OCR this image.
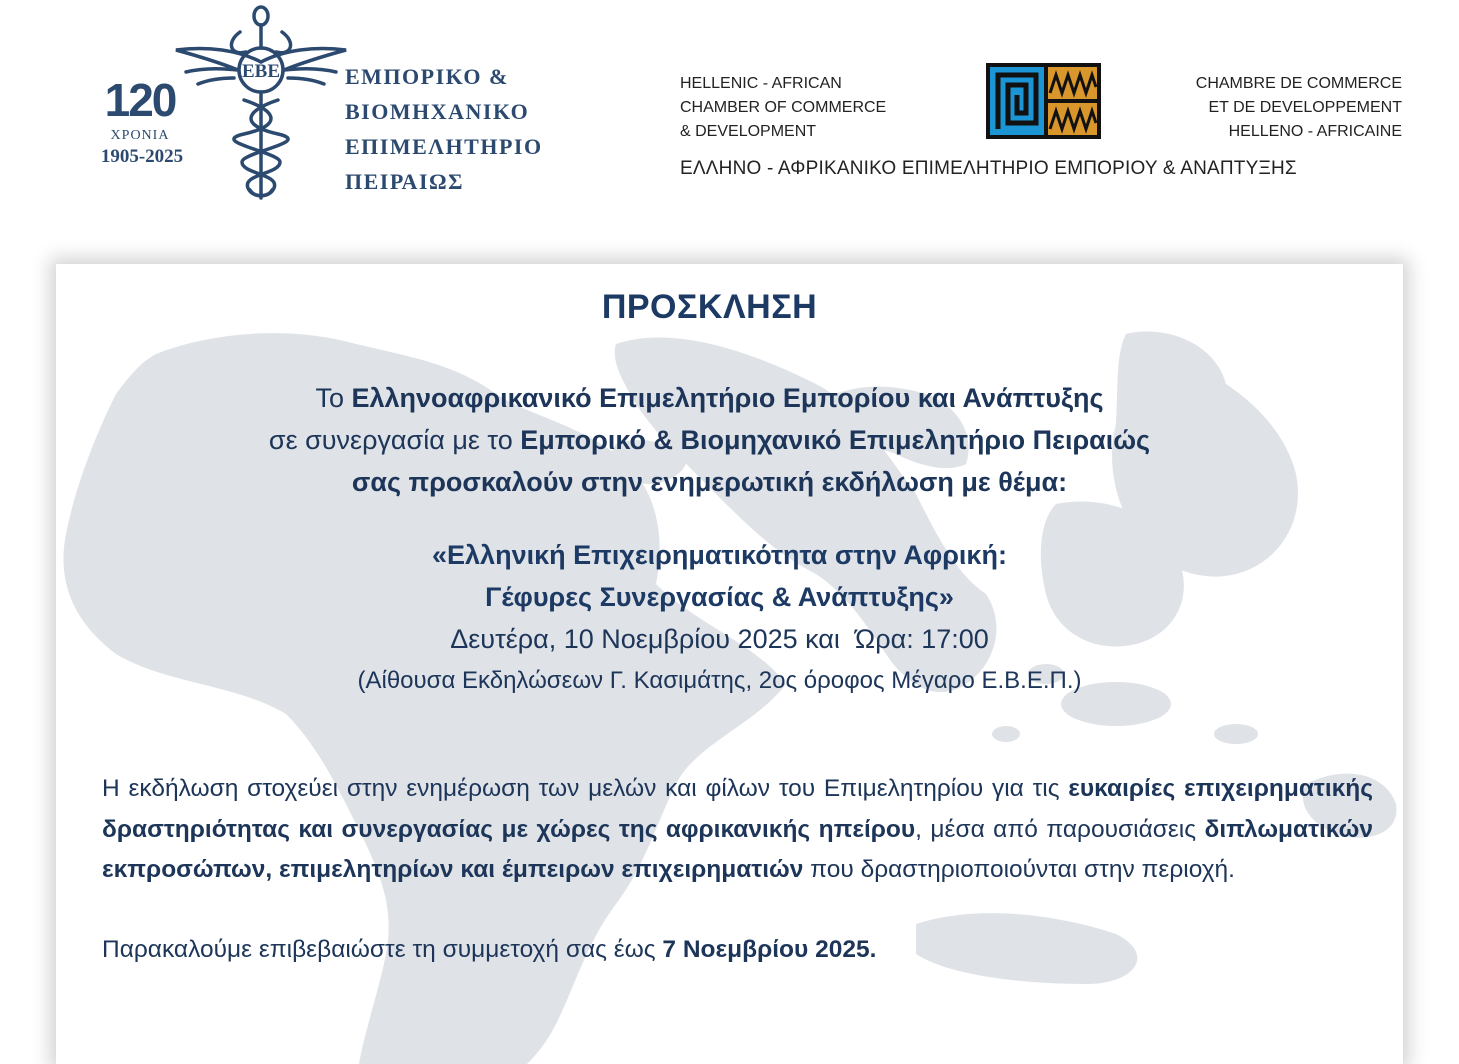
120
ΧΡΟΝΙΑ
1905-2025
ΕΒΕ	ΕΜΠΟΡΙΚΟ &
ΒΙΟΜΗΧΑΝΙΚΟ
ΕΠΙΜΕΛΗΤΗΡΙΟ
ΠΕΙΡΑΙΩΣ
HELLENIC - AFRICAN
CHAMBER OF COMMERCE
& DEVELOPMENT
CHAMBRE DE COMMERCE
ET DE DEVELOPPEMENT
HELLENO - AFRICAINE
ΕΛΛΗΝΟ - ΑΦΡΙΚΑΝΙΚΟ ΕΠΙΜΕΛΗΤΗΡΙΟ ΕΜΠΟΡΙΟΥ & ΑΝΑΠΤΥΞΗΣ
ΠΡΟΣΚΛΗΣΗ
Το Ελληνοαφρικανικό Επιμελητήριο Εμπορίου και Ανάπτυξης
σε συνεργασία με το Εμπορικό & Βιομηχανικό Επιμελητήριο Πειραιώς
σας προσκαλούν στην ενημερωτική εκδήλωση με θέμα:
«Ελληνική Επιχειρηματικότητα στην Αφρική:
Γέφυρες Συνεργασίας & Ανάπτυξης»
Δευτέρα, 10 Νοεμβρίου 2025 και  Ώρα: 17:00
(Αίθουσα Εκδηλώσεων Γ. Κασιμάτης, 2ος όροφος Μέγαρο Ε.Β.Ε.Π.)
Η εκδήλωση στοχεύει στην ενημέρωση των μελών και φίλων του Επιμελητηρίου για τις ευκαιρίες επιχειρηματικής δραστηριότητας και συνεργασίας με χώρες της αφρικανικής ηπείρου, μέσα από παρουσιάσεις διπλωματικών εκπροσώπων, επιμελητηρίων και έμπειρων επιχειρηματιών που δραστηριοποιούνται στην περιοχή.
Παρακαλούμε επιβεβαιώστε τη συμμετοχή σας έως 7 Νοεμβρίου 2025.
